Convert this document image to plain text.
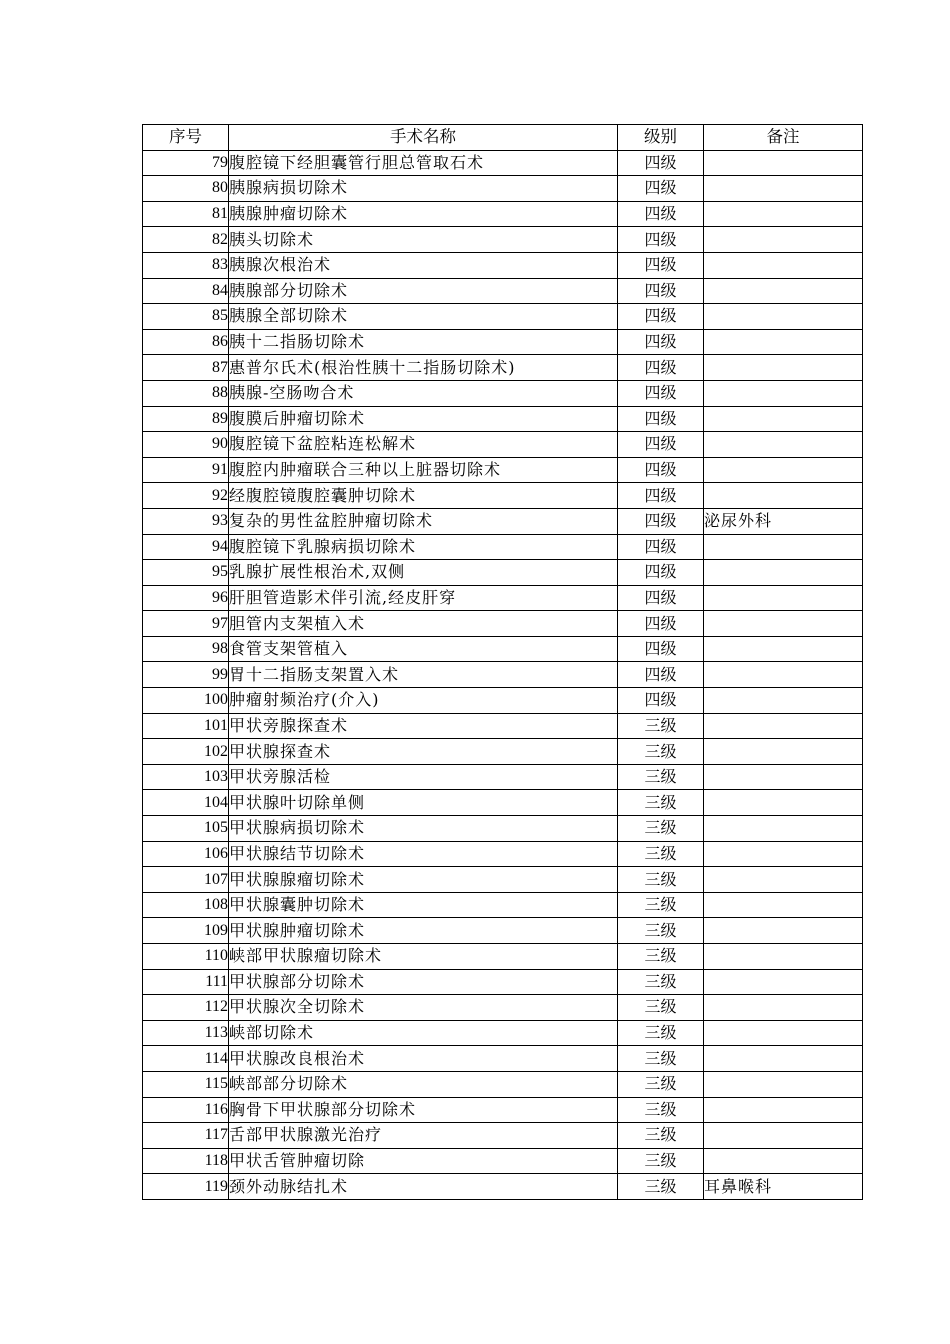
序号	手术名称	级别	备注
79	腹腔镜下经胆囊管行胆总管取石术	四级	
80	胰腺病损切除术	四级	
81	胰腺肿瘤切除术	四级	
82	胰头切除术	四级	
83	胰腺次根治术	四级	
84	胰腺部分切除术	四级	
85	胰腺全部切除术	四级	
86	胰十二指肠切除术	四级	
87	惠普尔氏术(根治性胰十二指肠切除术)	四级	
88	胰腺-空肠吻合术	四级	
89	腹膜后肿瘤切除术	四级	
90	腹腔镜下盆腔粘连松解术	四级	
91	腹腔内肿瘤联合三种以上脏器切除术	四级	
92	经腹腔镜腹腔囊肿切除术	四级	
93	复杂的男性盆腔肿瘤切除术	四级	泌尿外科
94	腹腔镜下乳腺病损切除术	四级	
95	乳腺扩展性根治术,双侧	四级	
96	肝胆管造影术伴引流,经皮肝穿	四级	
97	胆管内支架植入术	四级	
98	食管支架管植入	四级	
99	胃十二指肠支架置入术	四级	
100	肿瘤射频治疗(介入)	四级	
101	甲状旁腺探查术	三级	
102	甲状腺探查术	三级	
103	甲状旁腺活检	三级	
104	甲状腺叶切除单侧	三级	
105	甲状腺病损切除术	三级	
106	甲状腺结节切除术	三级	
107	甲状腺腺瘤切除术	三级	
108	甲状腺囊肿切除术	三级	
109	甲状腺肿瘤切除术	三级	
110	峡部甲状腺瘤切除术	三级	
111	甲状腺部分切除术	三级	
112	甲状腺次全切除术	三级	
113	峡部切除术	三级	
114	甲状腺改良根治术	三级	
115	峡部部分切除术	三级	
116	胸骨下甲状腺部分切除术	三级	
117	舌部甲状腺激光治疗	三级	
118	甲状舌管肿瘤切除	三级	
119	颈外动脉结扎术	三级	耳鼻喉科
